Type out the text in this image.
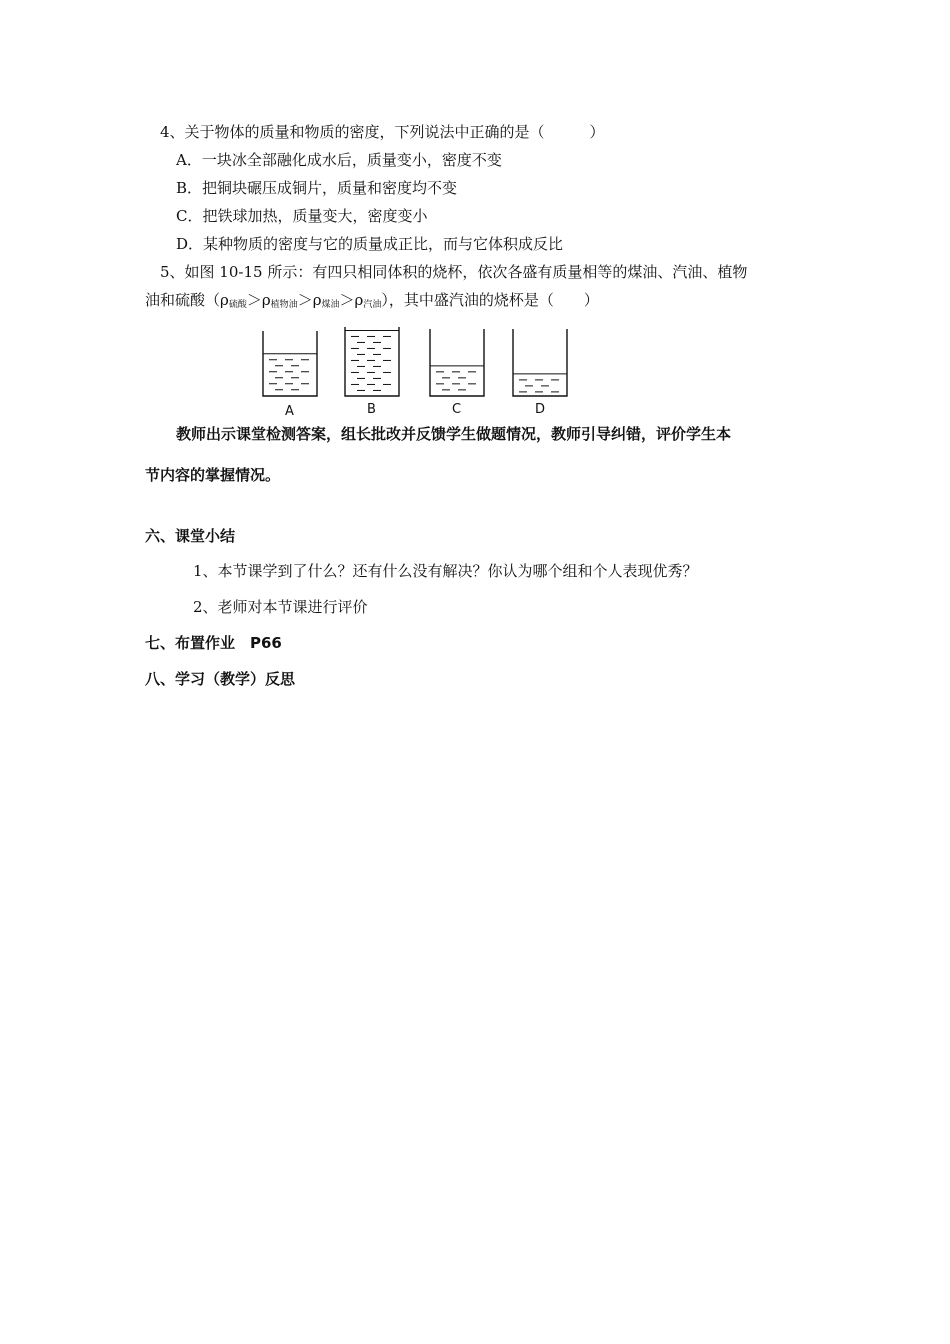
4、关于物体的质量和物质的密度，下列说法中正确的是（　　　）
A．一块冰全部融化成水后，质量变小，密度不变
B．把铜块碾压成铜片，质量和密度均不变
C．把铁球加热，质量变大，密度变小
D．某种物质的密度与它的质量成正比，而与它体积成反比
5、如图 10-15 所示：有四只相同体积的烧杯，依次各盛有质量相等的煤油、汽油、植物
油和硫酸$(\rho_{硫酸}>\rho_{植物油}>\rho_{煤油}>\rho_{汽油})$，其中盛汽油的烧杯是（　　）
A	B	C	D
教师出示课堂检测答案，组长批改并反馈学生做题情况，教师引导纠错，评价学生本
节内容的掌握情况。
六、课堂小结
1、本节课学到了什么？还有什么没有解决？你认为哪个组和个人表现优秀？
2、老师对本节课进行评价
七、布置作业　P66
八、学习（教学）反思
